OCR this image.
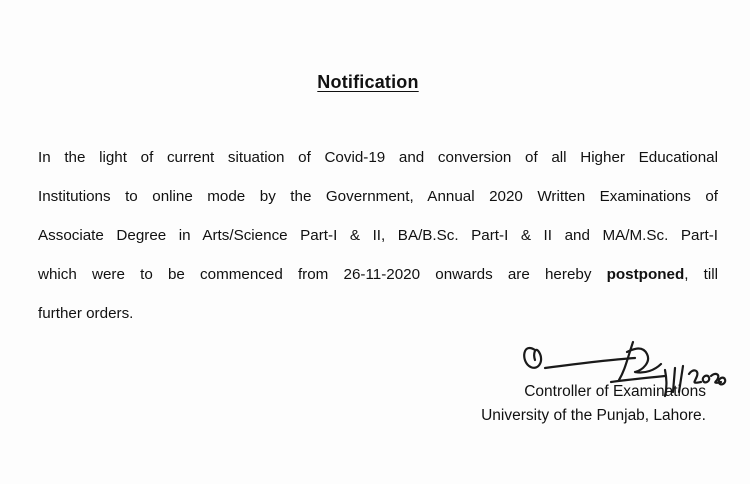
Notification

In the light of current situation of Covid-19 and conversion of all Higher Educational
Institutions to online mode by the Government, Annual 2020 Written Examinations of
Associate Degree in Arts/Science Part-I & II, BA/B.Sc. Part-I & II and MA/M.Sc. Part-I
which were to be commenced from 26-11-2020 onwards are hereby postponed, till
further orders.

Controller of Examinations
University of the Punjab, Lahore.
